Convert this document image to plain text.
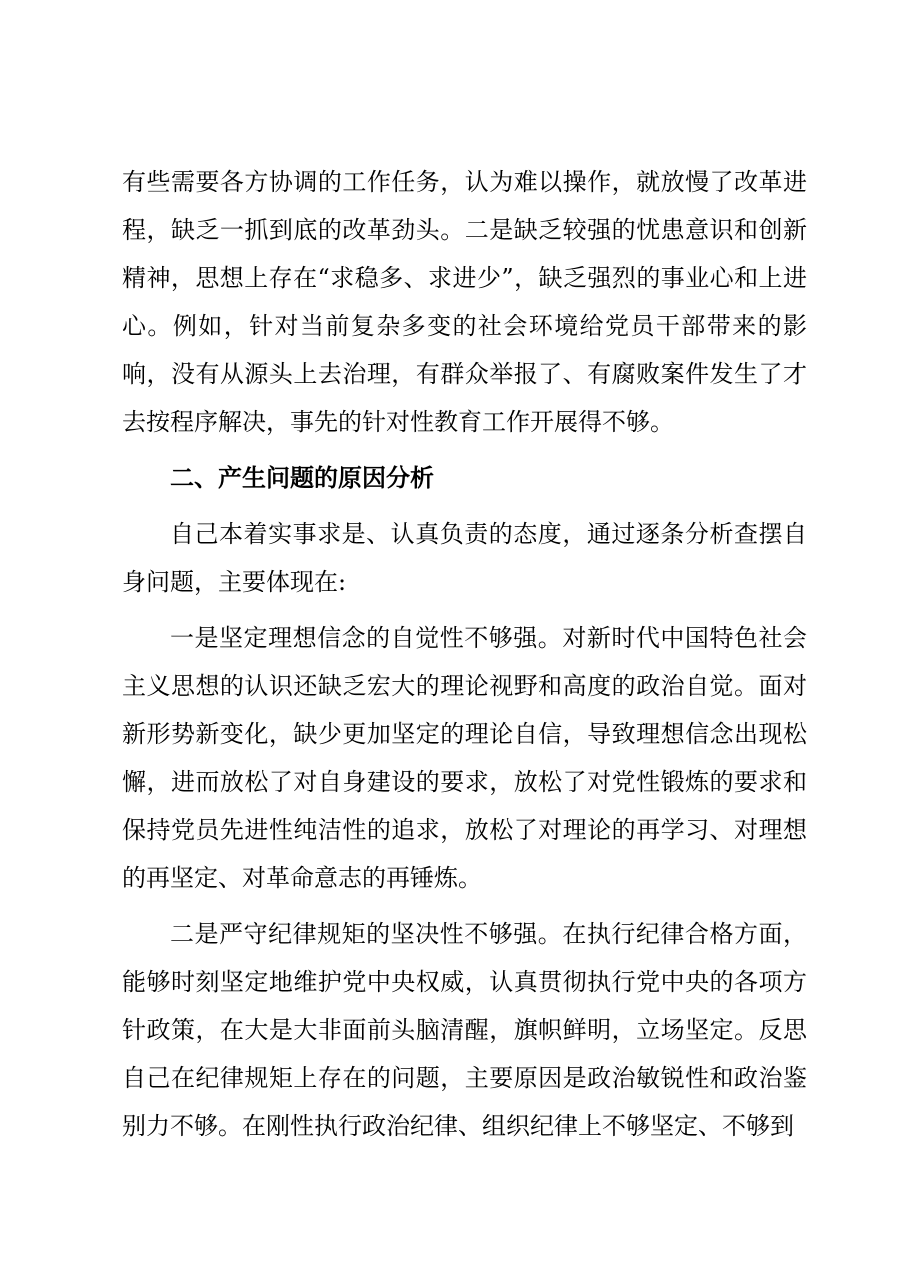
有些需要各方协调的工作任务，认为难以操作，就放慢了改革进程，缺乏一抓到底的改革劲头。二是缺乏较强的忧患意识和创新精神，思想上存在“求稳多、求进少”，缺乏强烈的事业心和上进心。例如，针对当前复杂多变的社会环境给党员干部带来的影响，没有从源头上去治理，有群众举报了、有腐败案件发生了才去按程序解决，事先的针对性教育工作开展得不够。

二、产生问题的原因分析

自己本着实事求是、认真负责的态度，通过逐条分析查摆自身问题，主要体现在:

一是坚定理想信念的自觉性不够强。对新时代中国特色社会主义思想的认识还缺乏宏大的理论视野和高度的政治自觉。面对新形势新变化，缺少更加坚定的理论自信，导致理想信念出现松懈，进而放松了对自身建设的要求，放松了对党性锻炼的要求和保持党员先进性纯洁性的追求，放松了对理论的再学习、对理想的再坚定、对革命意志的再锤炼。

二是严守纪律规矩的坚决性不够强。在执行纪律合格方面，能够时刻坚定地维护党中央权威，认真贯彻执行党中央的各项方针政策，在大是大非面前头脑清醒，旗帜鲜明，立场坚定。反思自己在纪律规矩上存在的问题，主要原因是政治敏锐性和政治鉴别力不够。在刚性执行政治纪律、组织纪律上不够坚定、不够到
